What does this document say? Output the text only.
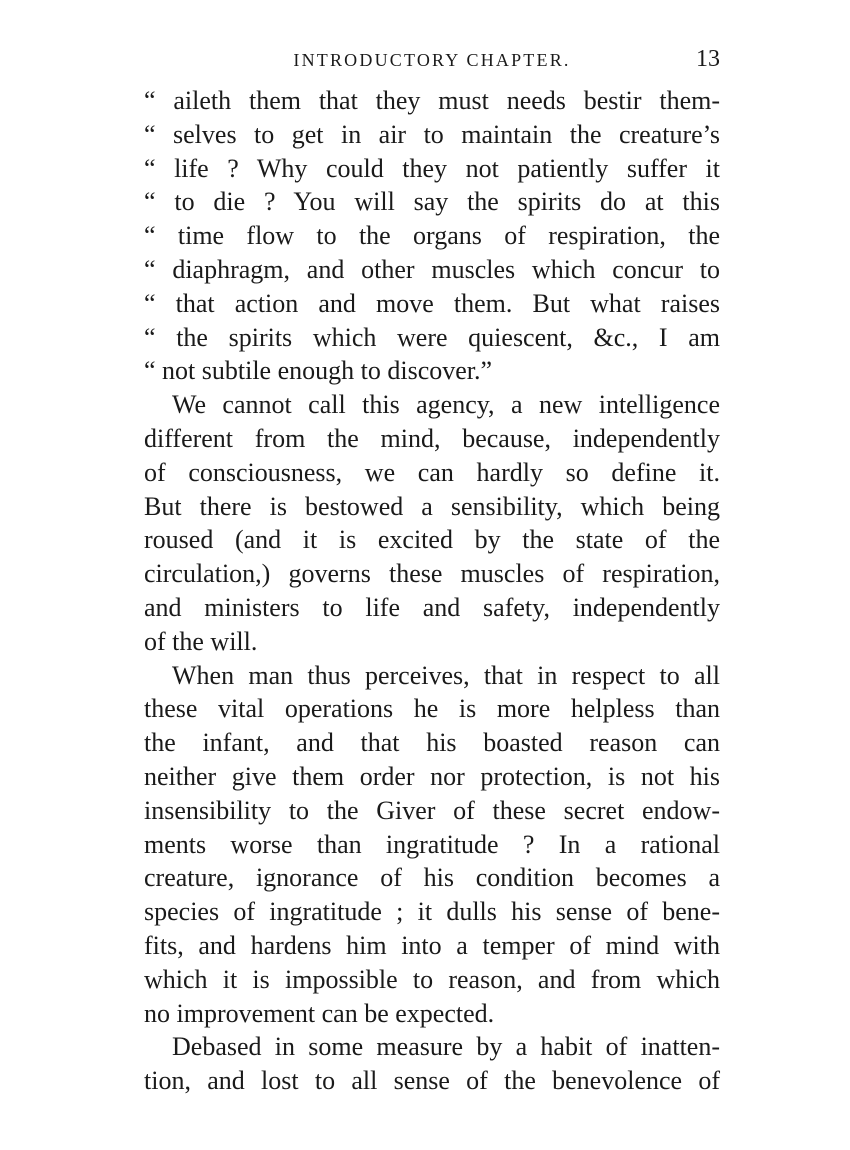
INTRODUCTORY CHAPTER.	13
“ aileth them that they must needs bestir them-
“ selves to get in air to maintain the creature’s
“ life ? Why could they not patiently suffer it
“ to die ? You will say the spirits do at this
“ time flow to the organs of respiration, the
“ diaphragm, and other muscles which concur to
“ that action and move them. But what raises
“ the spirits which were quiescent, &c., I am
“ not subtile enough to discover.”
We cannot call this agency, a new intelligence
different from the mind, because, independently
of consciousness, we can hardly so define it.
But there is bestowed a sensibility, which being
roused (and it is excited by the state of the
circulation,) governs these muscles of respiration,
and ministers to life and safety, independently
of the will.
When man thus perceives, that in respect to all
these vital operations he is more helpless than
the infant, and that his boasted reason can
neither give them order nor protection, is not his
insensibility to the Giver of these secret endow-
ments worse than ingratitude ? In a rational
creature, ignorance of his condition becomes a
species of ingratitude ; it dulls his sense of bene-
fits, and hardens him into a temper of mind with
which it is impossible to reason, and from which
no improvement can be expected.
Debased in some measure by a habit of inatten-
tion, and lost to all sense of the benevolence of
